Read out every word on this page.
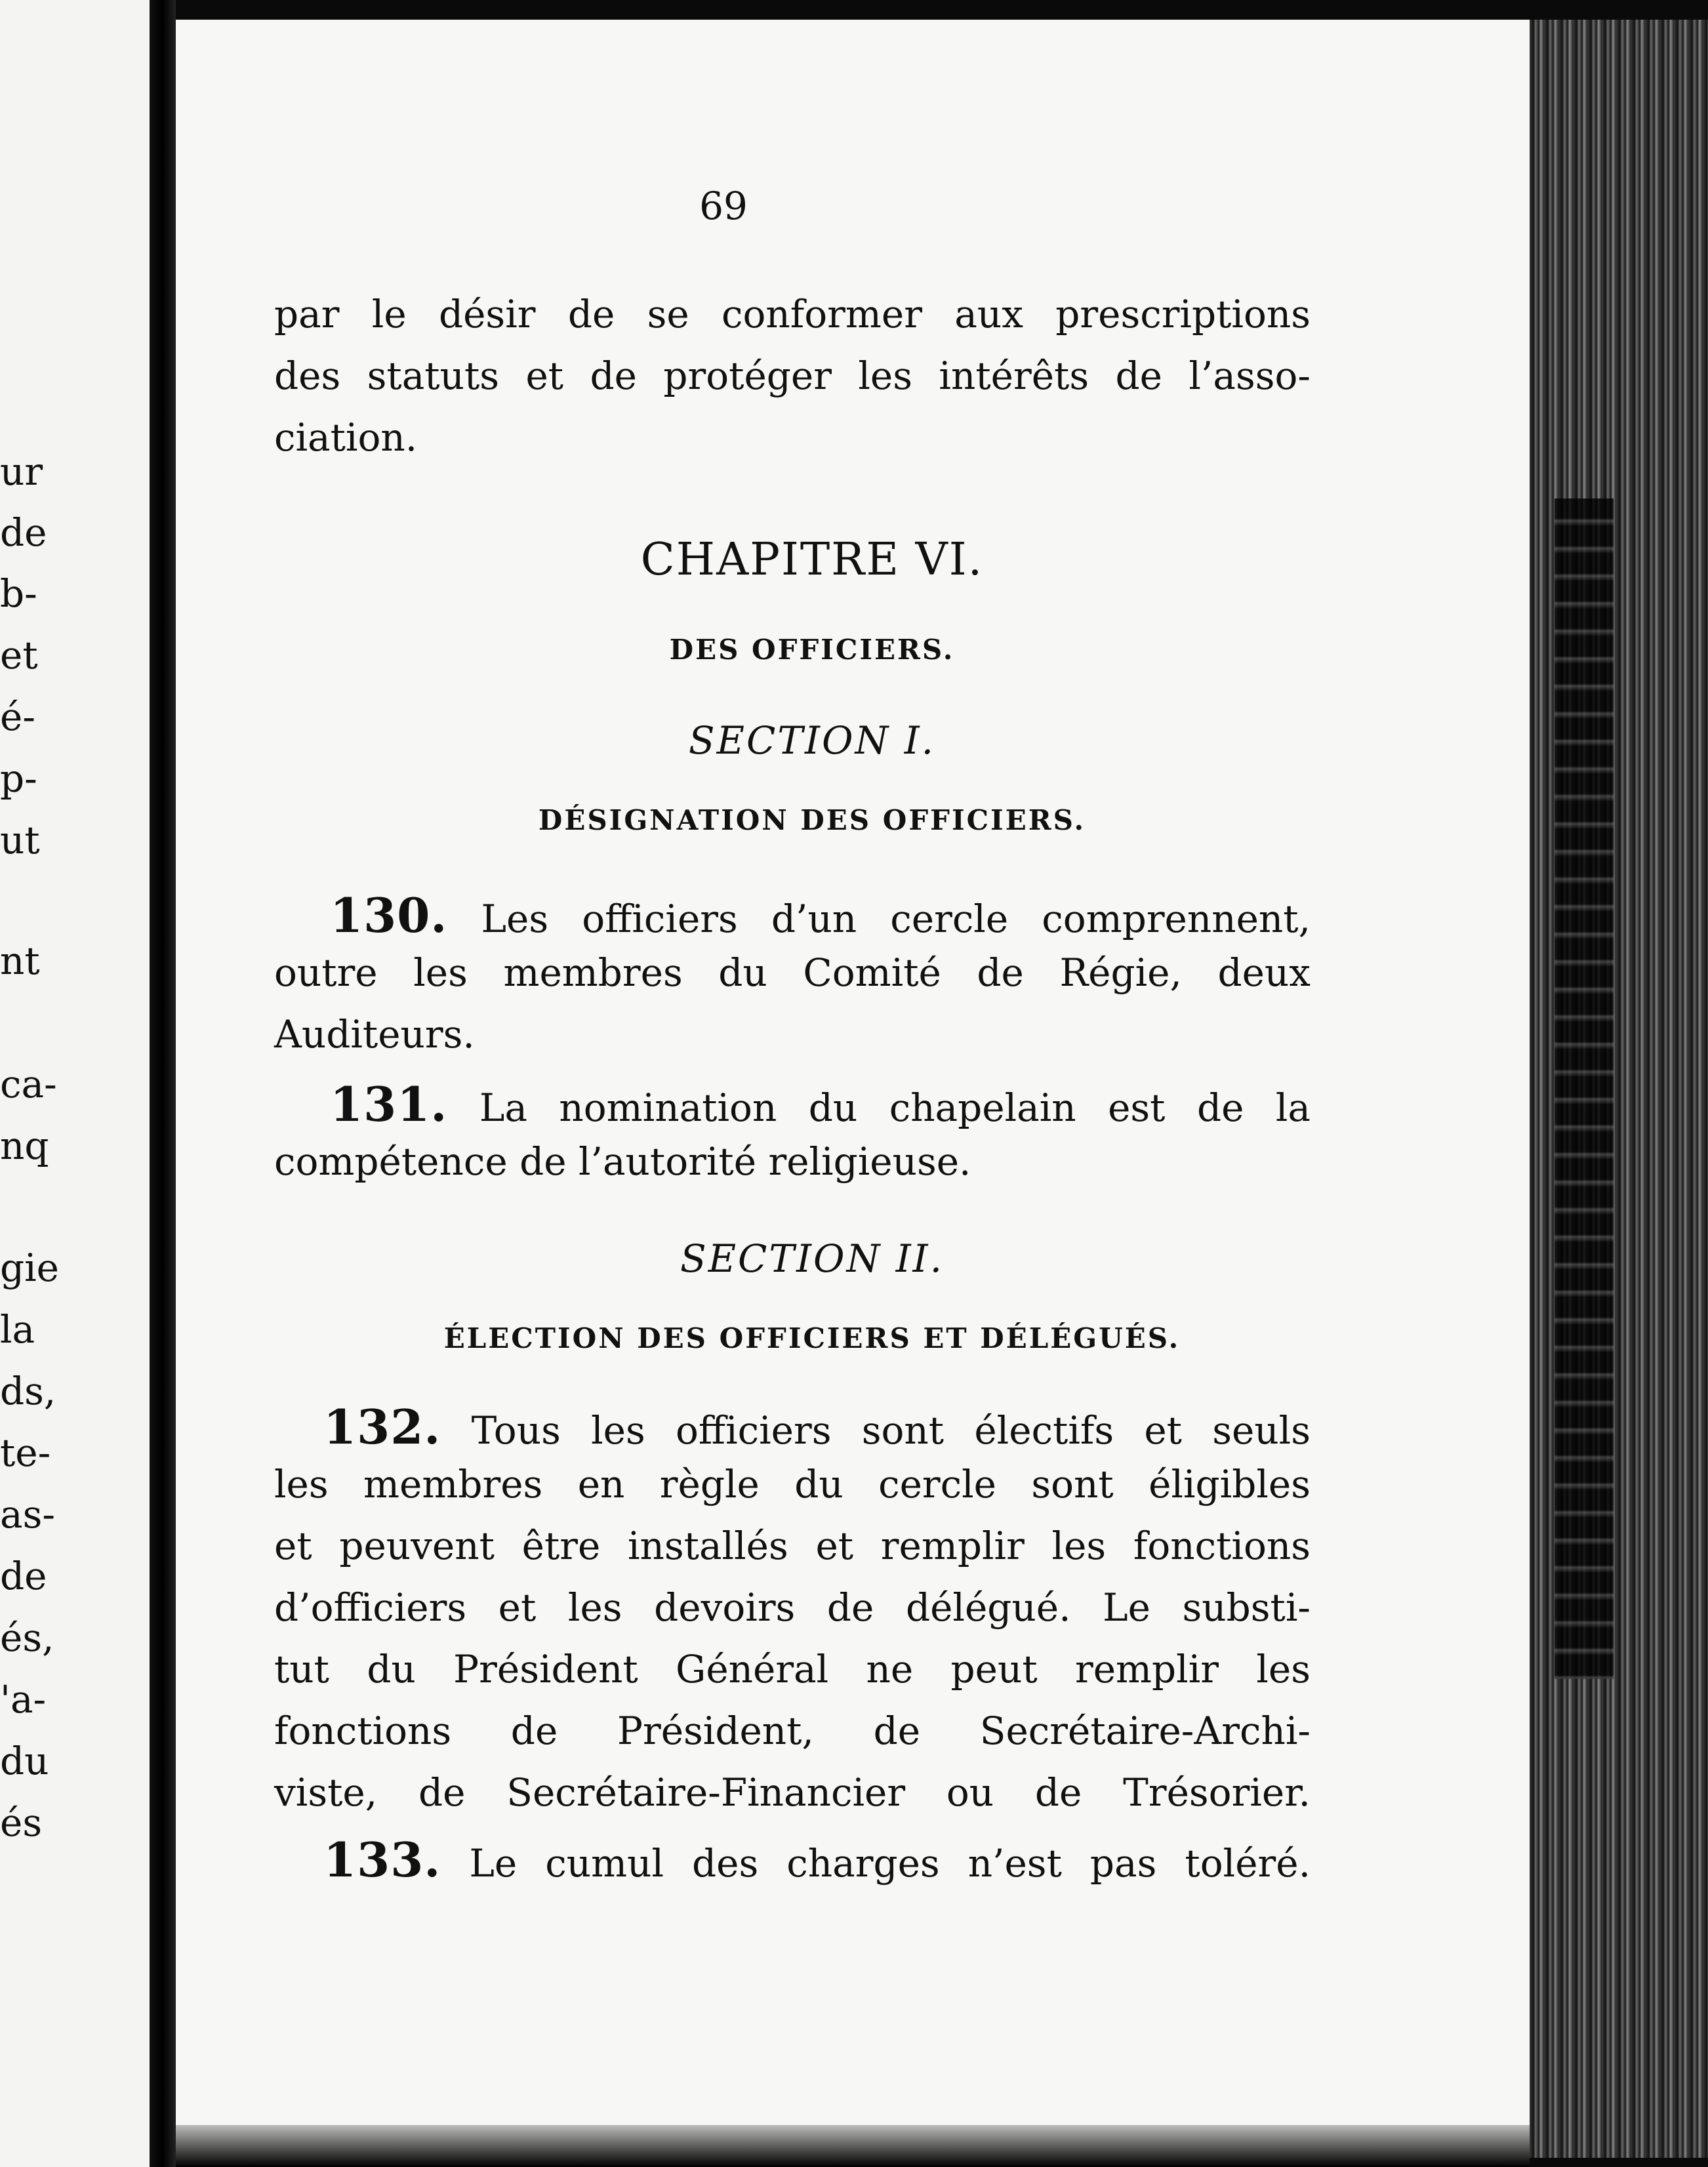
ur
de
b-
et
é-
p-
ut
nt
ca-
nq
gie
la
ds,
te-
as-
de
és,
'a-
du
és
69
par le désir de se conformer aux prescriptions
des statuts et de protéger les intérêts de l’asso-
ciation.
CHAPITRE VI.
DES OFFICIERS.
SECTION I.
DÉSIGNATION DES OFFICIERS.
130. Les officiers d’un cercle comprennent,
outre les membres du Comité de Régie, deux
Auditeurs.
131. La nomination du chapelain est de la
compétence de l’autorité religieuse.
SECTION II.
ÉLECTION DES OFFICIERS ET DÉLÉGUÉS.
132. Tous les officiers sont électifs et seuls
les membres en règle du cercle sont éligibles
et peuvent être installés et remplir les fonctions
d’officiers et les devoirs de délégué. Le substi-
tut du Président Général ne peut remplir les
fonctions de Président, de Secrétaire-Archi-
viste, de Secrétaire-Financier ou de Trésorier.
133. Le cumul des charges n’est pas toléré.
